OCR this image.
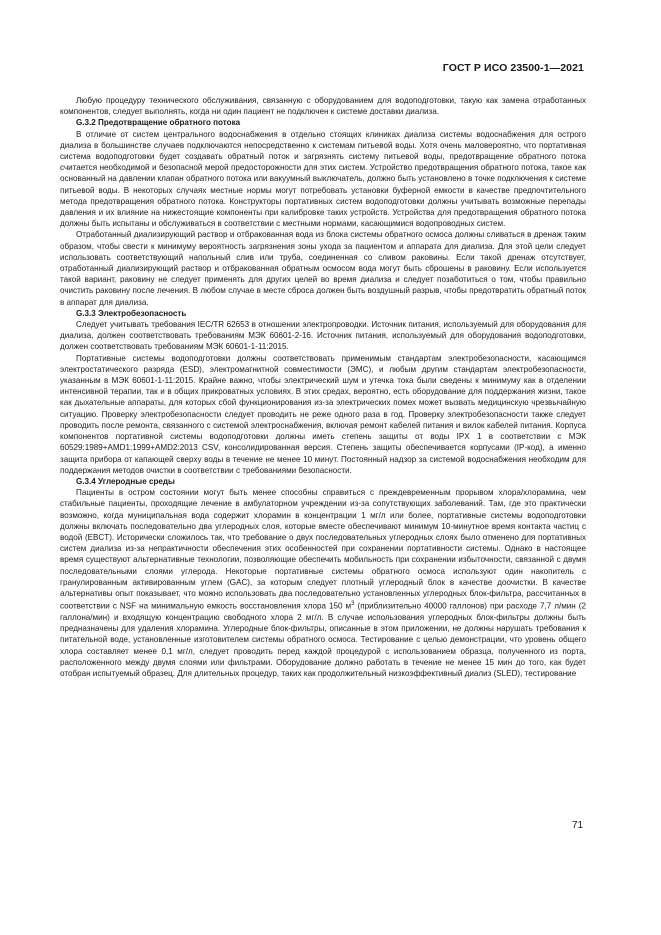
ГОСТ Р ИСО 23500-1—2021

Любую процедуру технического обслуживания, связанную с оборудованием для водоподготовки, такую как замена отработанных компонентов, следует выполнять, когда ни один пациент не подключен к системе доставки диализа.

G.3.2 Предотвращение обратного потока

В отличие от систем центрального водоснабжения в отдельно стоящих клиниках диализа системы водоснабжения для острого диализа в большинстве случаев подключаются непосредственно к системам питьевой воды. Хотя очень маловероятно, что портативная система водоподготовки будет создавать обратный поток и загрязнять систему питьевой воды, предотвращение обратного потока считается необходимой и безопасной мерой предосторожности для этих систем. Устройство предотвращения обратного потока, такое как основанный на давлении клапан обратного потока или вакуумный выключатель, должно быть установлено в точке подключения к системе питьевой воды. В некоторых случаях местные нормы могут потребовать установки буферной емкости в качестве предпочтительного метода предотвращения обратного потока. Конструкторы портативных систем водоподготовки должны учитывать возможные перепады давления и их влияние на нижестоящие компоненты при калибровке таких устройств. Устройства для предотвращения обратного потока должны быть испытаны и обслуживаться в соответствии с местными нормами, касающимися водопроводных систем.

Отработанный диализирующий раствор и отбракованная вода из блока системы обратного осмоса должны сливаться в дренаж таким образом, чтобы свести к минимуму вероятность загрязнения зоны ухода за пациентом и аппарата для диализа. Для этой цели следует использовать соответствующий напольный слив или труба, соединенная со сливом раковины. Если такой дренаж отсутствует, отработанный диализирующий раствор и отбракованная обратным осмосом вода могут быть сброшены в раковину. Если используется такой вариант, раковину не следует применять для других целей во время диализа и следует позаботиться о том, чтобы правильно очистить раковину после лечения. В любом случае в месте сброса должен быть воздушный разрыв, чтобы предотвратить обратный поток в аппарат для диализа.

G.3.3 Электробезопасность

Следует учитывать требования IEC/TR 62653 в отношении электропроводки. Источник питания, используемый для оборудования для диализа, должен соответствовать требованиям МЭК 60601-2-16. Источник питания, используемый для оборудования водоподготовки, должен соответствовать требованиям МЭК 60601-1-11:2015.

Портативные системы водоподготовки должны соответствовать применимым стандартам электробезопасности, касающимся электростатического разряда (ESD), электромагнитной совместимости (ЭМС), и любым другим стандартам электробезопасности, указанным в МЭК 60601-1-11:2015. Крайне важно, чтобы электрический шум и утечка тока были сведены к минимуму как в отделении интенсивной терапии, так и в общих прикроватных условиях. В этих средах, вероятно, есть оборудование для поддержания жизни, такое как дыхательные аппараты, для которых сбой функционирования из-за электрических помех может вызвать медицинскую чрезвычайную ситуацию. Проверку электробезопасности следует проводить не реже одного раза в год. Проверку электробезопасности также следует проводить после ремонта, связанного с системой электроснабжения, включая ремонт кабелей питания и вилок кабелей питания. Корпуса компонентов портативной системы водоподготовки должны иметь степень защиты от воды IPX 1 в соответствии с МЭК 60529:1989+AMD1:1999+AMD2:2013 CSV, консолидированная версия. Степень защиты обеспечивается корпусами (IP-код), а именно защита прибора от капающей сверху воды в течение не менее 10 минут. Постоянный надзор за системой водоснабжения необходим для поддержания методов очистки в соответствии с требованиями безопасности.

G.3.4 Углеродные среды

Пациенты в остром состоянии могут быть менее способны справиться с преждевременным прорывом хлора/хлорамина, чем стабильные пациенты, проходящие лечение в амбулаторном учреждении из-за сопутствующих заболеваний. Там, где это практически возможно, когда муниципальная вода содержит хлорамин в концентрации 1 мг/л или более, портативные системы водоподготовки должны включать последовательно два углеродных слоя, которые вместе обеспечивают минимум 10-минутное время контакта частиц с водой (EBCT). Исторически сложилось так, что требование о двух последовательных углеродных слоях было отменено для портативных систем диализа из-за непрактичности обеспечения этих особенностей при сохранении портативности системы. Однако в настоящее время существуют альтернативные технологии, позволяющие обеспечить мобильность при сохранении избыточности, связанной с двумя последовательными слоями углерода. Некоторые портативные системы обратного осмоса используют один накопитель с гранулированным активированным углем (GAC), за которым следует плотный углеродный блок в качестве доочистки. В качестве альтернативы опыт показывает, что можно использовать два последовательно установленных углеродных блок-фильтра, рассчитанных в соответствии с NSF на минимальную емкость восстановления хлора 150 $м^3$ (приблизительно 40000 галлонов) при расходе 7,7 л/мин (2 галлона/мин) и входящую концентрацию свободного хлора 2 мг/л. В случае использования углеродных блок-фильтры должны быть предназначены для удаления хлорамина. Углеродные блок-фильтры, описанные в этом приложении, не должны нарушать требования к питательной воде, установленные изготовителем системы обратного осмоса. Тестирование с целью демонстрации, что уровень общего хлора составляет менее 0,1 мг/л, следует проводить перед каждой процедурой с использованием образца, полученного из порта, расположенного между двумя слоями или фильтрами. Оборудование должно работать в течение не менее 15 мин до того, как будет отобран испытуемый образец. Для длительных процедур, таких как продолжительный низкоэффективный диализ (SLED), тестирование

71
